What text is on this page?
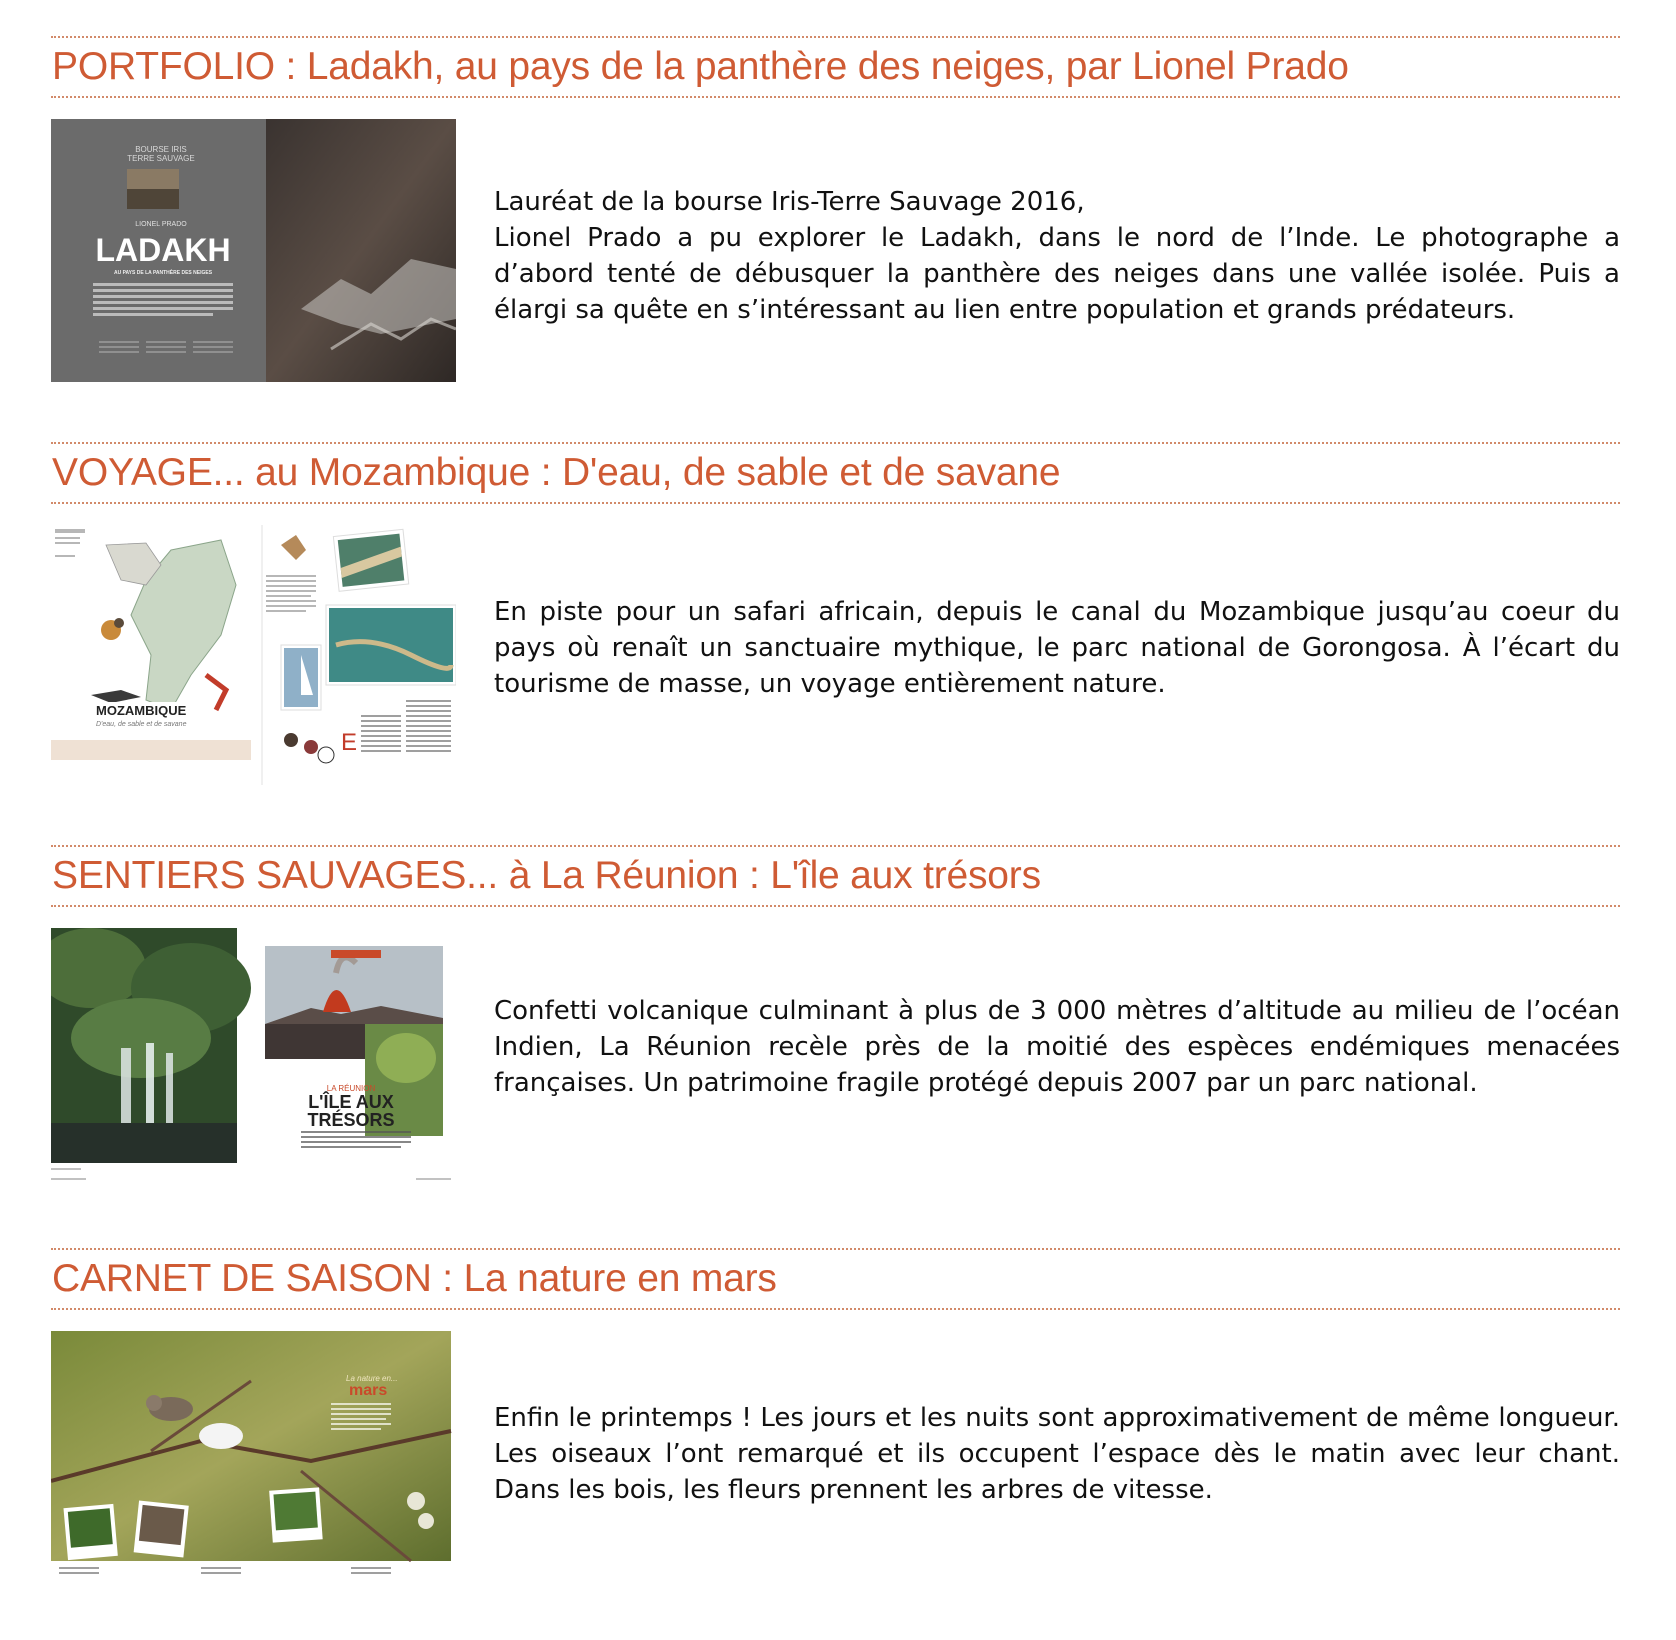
PORTFOLIO : Ladakh, au pays de la panthère des neiges, par Lionel Prado
BOURSE IRIS
TERRE SAUVAGE
LIONEL PRADO
LADAKH
AU PAYS DE LA PANTHÈRE DES NEIGES

Lauréat de la bourse Iris-Terre Sauvage 2016,

Lionel Prado a pu explorer le Ladakh, dans le nord de l’Inde. Le photographe a d’abord tenté de débusquer la panthère des neiges dans une vallée isolée. Puis a élargi sa quête en s’intéressant au lien entre population et grands prédateurs.

VOYAGE... au Mozambique : D'eau, de sable et de savane
MOZAMBIQUE
D'eau, de sable et de savane
E

En piste pour un safari africain, depuis le canal du Mozambique jusqu’au coeur du pays où renaît un sanctuaire mythique, le parc national de Gorongosa. À l’écart du tourisme de masse, un voyage entièrement nature.

SENTIERS SAUVAGES... à La Réunion : L'île aux trésors
LA RÉUNION
L'ÎLE AUX
TRÉSORS

Confetti volcanique culminant à plus de 3 000 mètres d’altitude au milieu de l’océan Indien, La Réunion recèle près de la moitié des espèces endémiques menacées françaises. Un patrimoine fragile protégé depuis 2007 par un parc national.

CARNET DE SAISON : La nature en mars
La nature en...
mars

Enfin le printemps ! Les jours et les nuits sont approximativement de même longueur. Les oiseaux l’ont remarqué et ils occupent l’espace dès le matin avec leur chant. Dans les bois, les fleurs prennent les arbres de vitesse.
